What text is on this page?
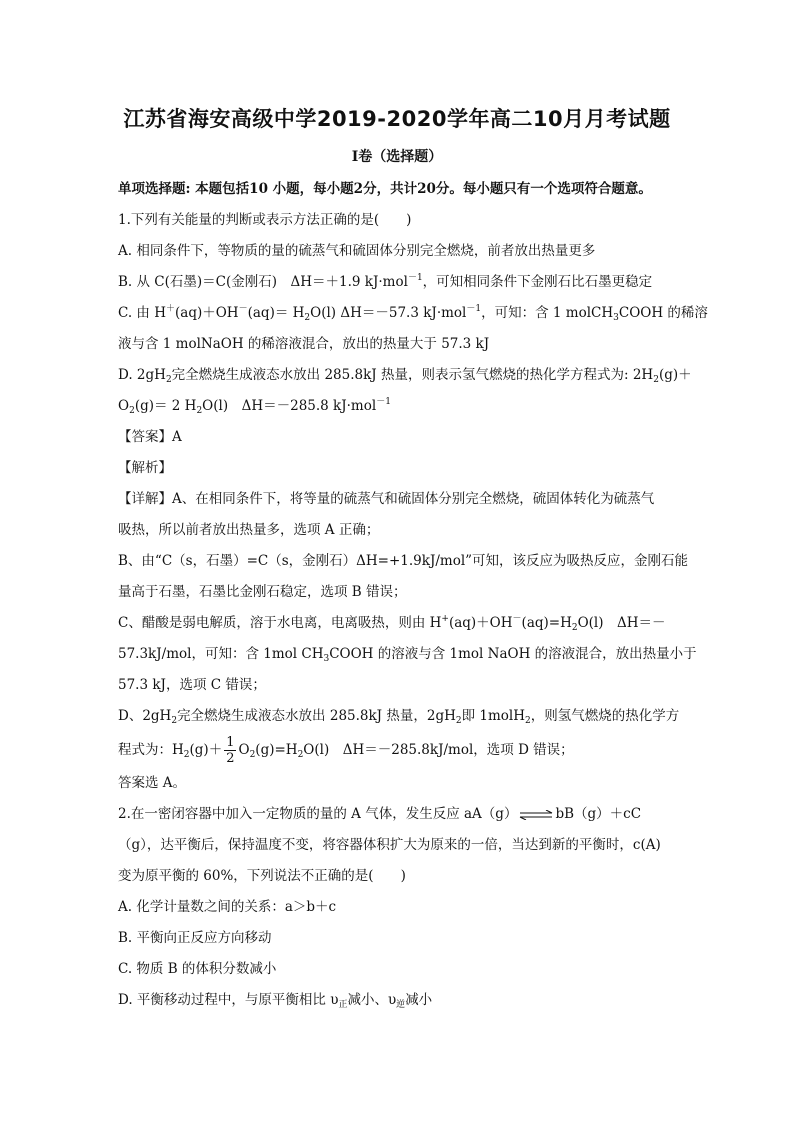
江苏省海安高级中学2019-2020学年高二10月月考试题
I卷（选择题）

单项选择题: 本题包括10 小题，每小题2分，共计20分。每小题只有一个选项符合题意。

1.下列有关能量的判断或表示方法正确的是(　　)

A. 相同条件下，等物质的量的硫蒸气和硫固体分别完全燃烧，前者放出热量更多

B. 从 C(石墨)＝C(金刚石)　ΔH＝＋1.9 kJ·mol$^{-1}$，可知相同条件下金刚石比石墨更稳定

C. 由 $H^+(aq)+OH^-(aq)= H_2O(l)$ ΔH＝－57.3 kJ·mol$^{-1}$，可知：含 1 molCH$_3$COOH 的稀溶

液与含 1 molNaOH 的稀溶液混合，放出的热量大于 57.3 kJ

D. $2gH_2$完全燃烧生成液态水放出 285.8kJ 热量，则表示氢气燃烧的热化学方程式为: $2H_2(g)+$

$O_2(g)= 2$ $H_2O(l)$　ΔH＝－285.8 kJ·mol$^{-1}$

【答案】A

【解析】

【详解】A、在相同条件下，将等量的硫蒸气和硫固体分别完全燃烧，硫固体转化为硫蒸气

吸热，所以前者放出热量多，选项 A 正确；

B、由“C（s，石墨）=C（s，金刚石）ΔH=+1.9kJ/mol”可知，该反应为吸热反应，金刚石能

量高于石墨，石墨比金刚石稳定，选项 B 错误；

C、醋酸是弱电解质，溶于水电离，电离吸热，则由 $H^+(aq)+OH^-(aq)=H_2O(l)$　ΔH＝－

57.3kJ/mol，可知：含 1mol $CH_3COOH$ 的溶液与含 1mol NaOH 的溶液混合，放出热量小于

57.3 kJ，选项 C 错误；

D、$2gH_2$完全燃烧生成液态水放出 285.8kJ 热量，$2gH_2$即 1molH$_2$，则氢气燃烧的热化学方

程式为：$H_2(g)+ \frac{1}{2} O_2(g)=H_2O(l)$　ΔH＝－285.8kJ/mol，选项 D 错误；

答案选 A。

2.在一密闭容器中加入一定物质的量的 A 气体，发生反应 aA（g） ⇌ bB（g）＋cC

（g），达平衡后，保持温度不变，将容器体积扩大为原来的一倍，当达到新的平衡时，c(A)

变为原平衡的 60%，下列说法不正确的是(　　)

A. 化学计量数之间的关系：a＞b＋c

B. 平衡向正反应方向移动

C. 物质 B 的体积分数减小

D. 平衡移动过程中，与原平衡相比 $\upsilon_正$减小、$\upsilon_逆$减小
